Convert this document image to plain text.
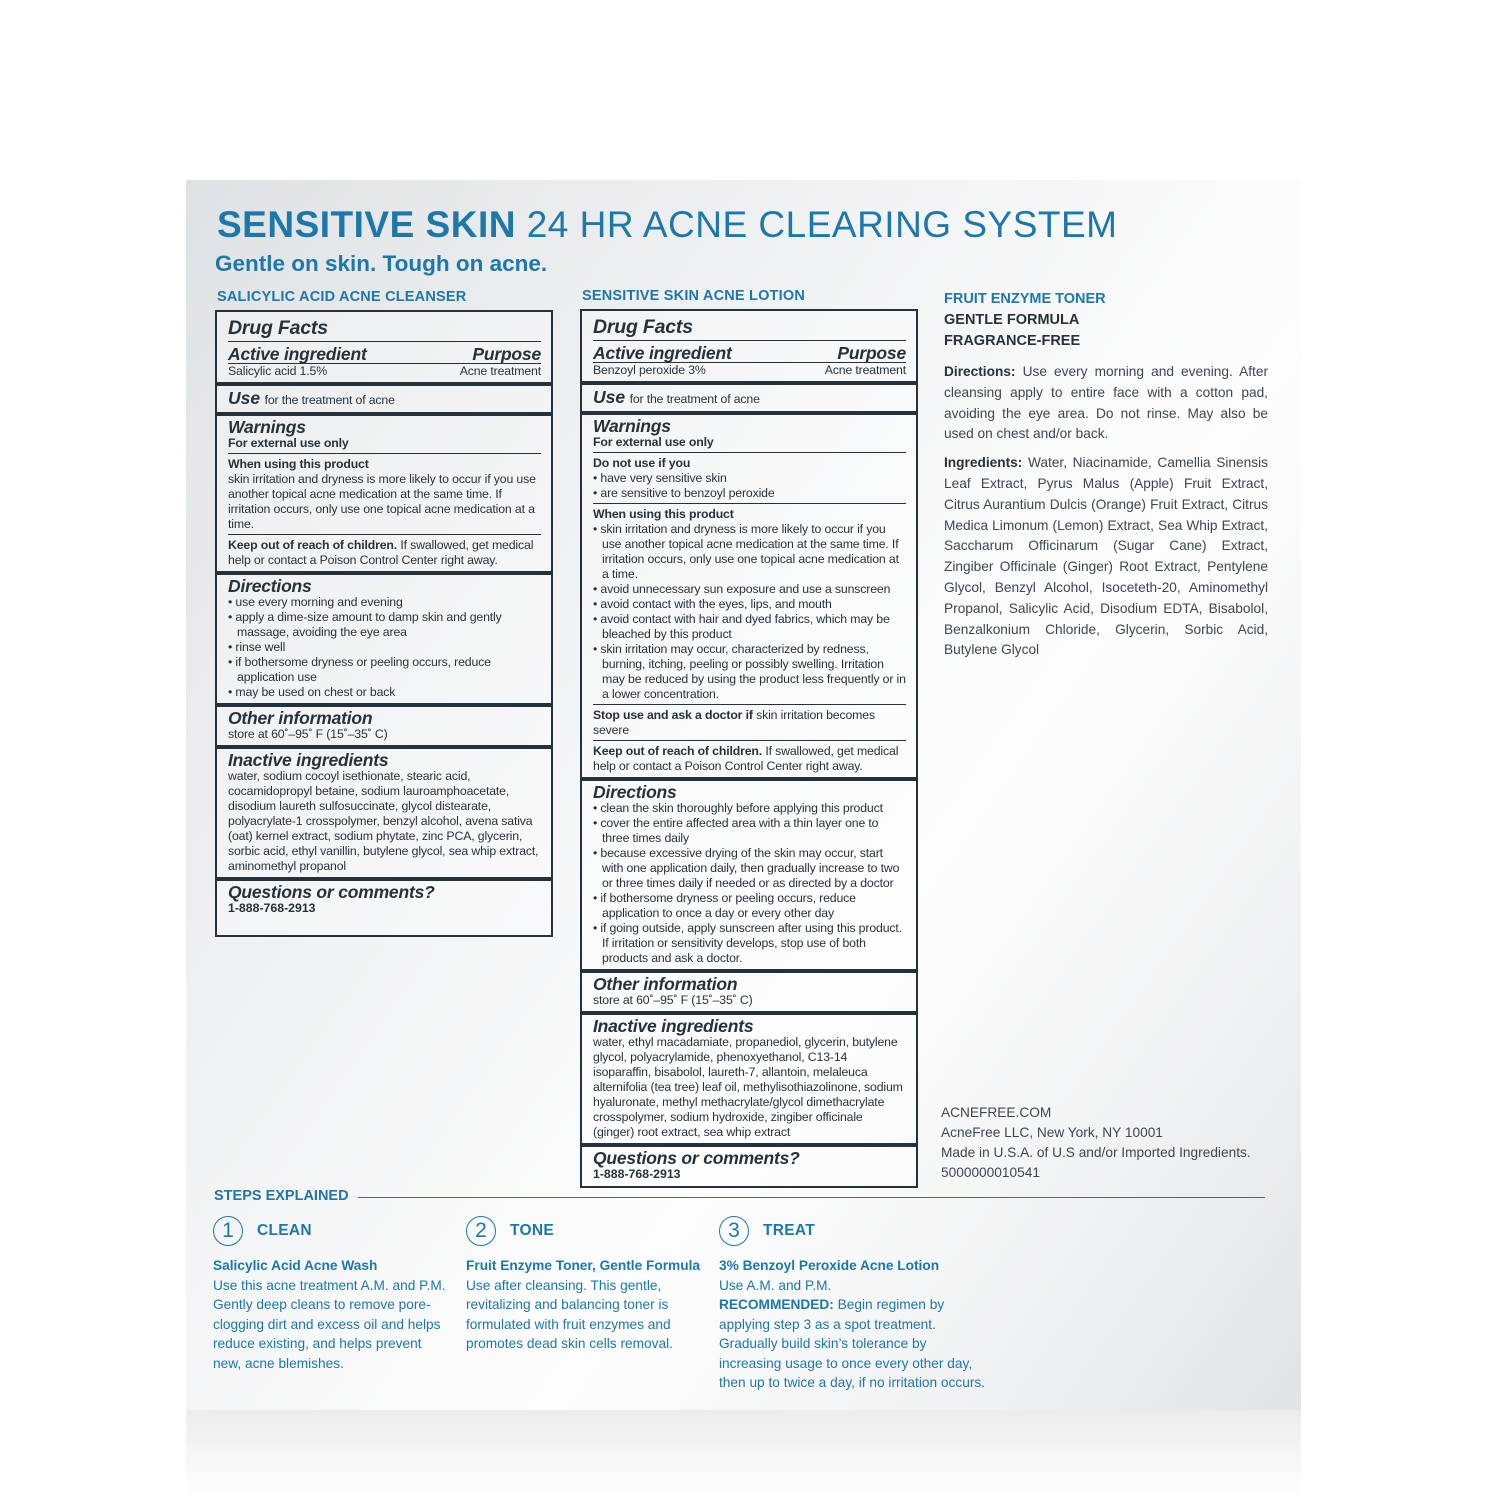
SENSITIVE SKIN 24 HR ACNE CLEARING SYSTEM
Gentle on skin. Tough on acne.
SALICYLIC ACID ACNE CLEANSER
Drug Facts
Active ingredient	Purpose
Salicylic acid 1.5%	Acne treatment
Use for the treatment of acne
Warnings
For external use only
When using this product
skin irritation and dryness is more likely to occur if you use another topical acne medication at the same time. If irritation occurs, only use one topical acne medication at a time.
Keep out of reach of children. If swallowed, get medical help or contact a Poison Control Center right away.
Directions
• use every morning and evening
• apply a dime-size amount to damp skin and gently massage, avoiding the eye area
• rinse well
• if bothersome dryness or peeling occurs, reduce application use
• may be used on chest or back
Other information
store at 60˚–95˚ F (15˚–35˚ C)
Inactive ingredients
water, sodium cocoyl isethionate, stearic acid, cocamidopropyl betaine, sodium lauroamphoacetate, disodium laureth sulfosuccinate, glycol distearate, polyacrylate-1 crosspolymer, benzyl alcohol, avena sativa (oat) kernel extract, sodium phytate, zinc PCA, glycerin, sorbic acid, ethyl vanillin, butylene glycol, sea whip extract, aminomethyl propanol
Questions or comments?
1-888-768-2913
SENSITIVE SKIN ACNE LOTION
Drug Facts
Active ingredient	Purpose
Benzoyl peroxide 3%	Acne treatment
Use for the treatment of acne
Warnings
For external use only
Do not use if you
• have very sensitive skin
• are sensitive to benzoyl peroxide
When using this product
• skin irritation and dryness is more likely to occur if you use another topical acne medication at the same time. If irritation occurs, only use one topical acne medication at a time.
• avoid unnecessary sun exposure and use a sunscreen
• avoid contact with the eyes, lips, and mouth
• avoid contact with hair and dyed fabrics, which may be bleached by this product
• skin irritation may occur, characterized by redness, burning, itching, peeling or possibly swelling. Irritation may be reduced by using the product less frequently or in a lower concentration.
Stop use and ask a doctor if skin irritation becomes severe
Keep out of reach of children. If swallowed, get medical help or contact a Poison Control Center right away.
Directions
• clean the skin thoroughly before applying this product
• cover the entire affected area with a thin layer one to three times daily
• because excessive drying of the skin may occur, start with one application daily, then gradually increase to two or three times daily if needed or as directed by a doctor
• if bothersome dryness or peeling occurs, reduce application to once a day or every other day
• if going outside, apply sunscreen after using this product. If irritation or sensitivity develops, stop use of both products and ask a doctor.
Other information
store at 60˚–95˚ F (15˚–35˚ C)
Inactive ingredients
water, ethyl macadamiate, propanediol, glycerin, butylene glycol, polyacrylamide, phenoxyethanol, C13-14 isoparaffin, bisabolol, laureth-7, allantoin, melaleuca alternifolia (tea tree) leaf oil, methylisothiazolinone, sodium hyaluronate, methyl methacrylate/glycol dimethacrylate crosspolymer, sodium hydroxide, zingiber officinale (ginger) root extract, sea whip extract
Questions or comments?
1-888-768-2913
FRUIT ENZYME TONER
GENTLE FORMULA
FRAGRANCE-FREE
Directions: Use every morning and evening. After cleansing apply to entire face with a cotton pad, avoiding the eye area. Do not rinse. May also be used on chest and/or back.
Ingredients: Water, Niacinamide, Camellia Sinensis Leaf Extract, Pyrus Malus (Apple) Fruit Extract, Citrus Aurantium Dulcis (Orange) Fruit Extract, Citrus Medica Limonum (Lemon) Extract, Sea Whip Extract, Saccharum Officinarum (Sugar Cane) Extract, Zingiber Officinale (Ginger) Root Extract, Pentylene Glycol, Benzyl Alcohol, Isoceteth-20, Aminomethyl Propanol, Salicylic Acid, Disodium EDTA, Bisabolol, Benzalkonium Chloride, Glycerin, Sorbic Acid, Butylene Glycol
ACNEFREE.COM
AcneFree LLC, New York, NY 10001
Made in U.S.A. of U.S and/or Imported Ingredients.
5000000010541
STEPS EXPLAINED
1	CLEAN
Salicylic Acid Acne Wash
Use this acne treatment A.M. and P.M. Gently deep cleans to remove pore-clogging dirt and excess oil and helps reduce existing, and helps prevent new, acne blemishes.
2	TONE
Fruit Enzyme Toner, Gentle Formula
Use after cleansing. This gentle, revitalizing and balancing toner is formulated with fruit enzymes and promotes dead skin cells removal.
3	TREAT
3% Benzoyl Peroxide Acne Lotion
Use A.M. and P.M.
RECOMMENDED: Begin regimen by applying step 3 as a spot treatment. Gradually build skin’s tolerance by increasing usage to once every other day, then up to twice a day, if no irritation occurs.
